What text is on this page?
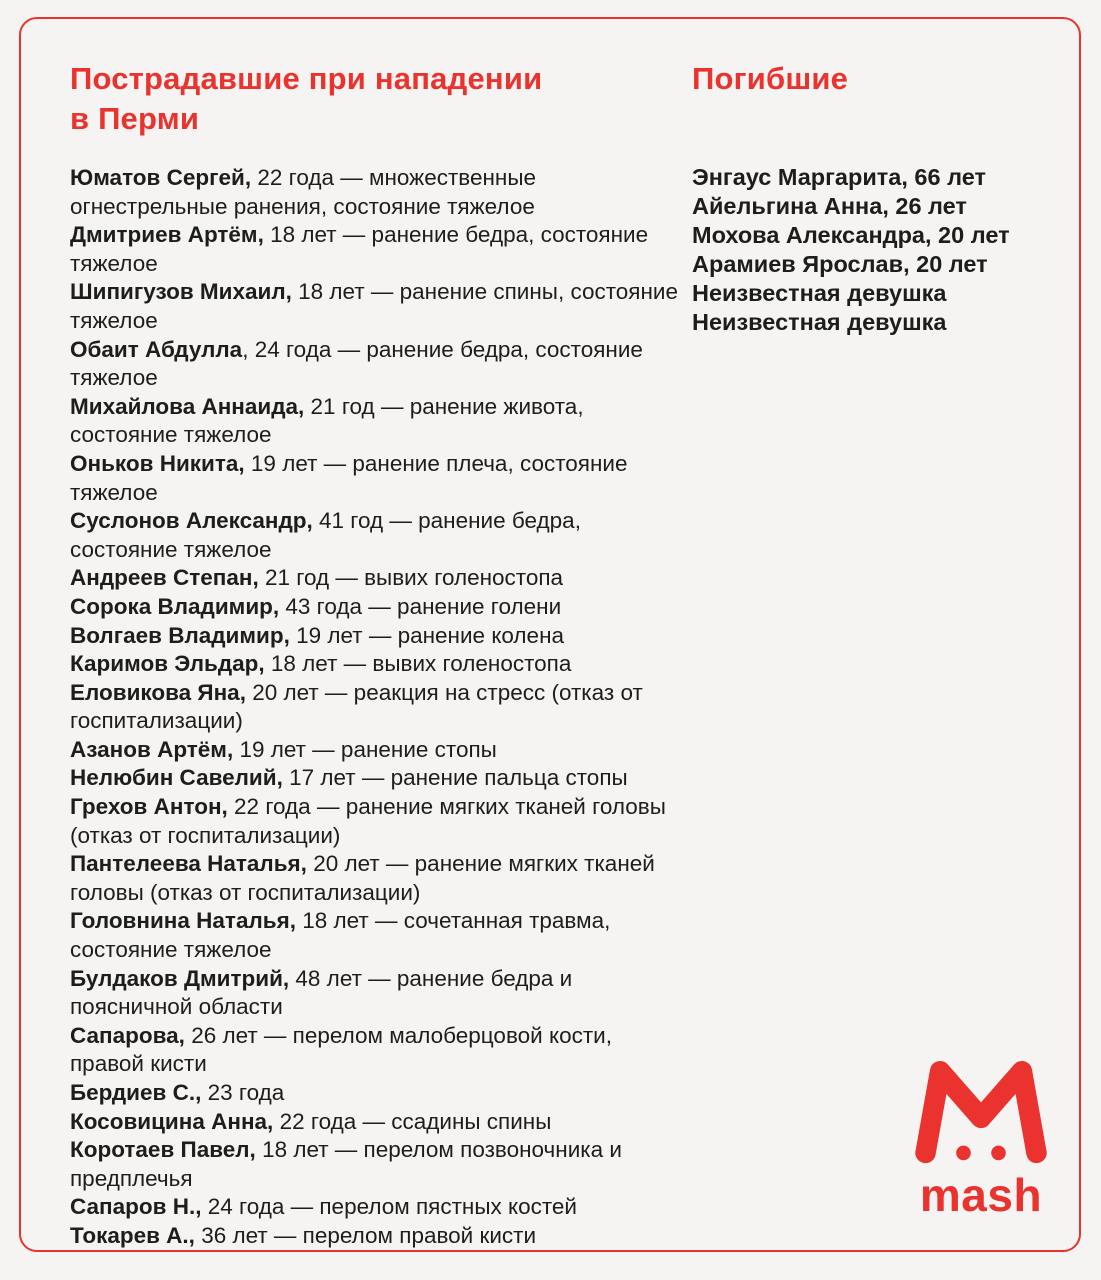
Пострадавшие при нападении
в Перми

Юматов Сергей, 22 года — множественные огнестрельные ранения, состояние тяжелое

Дмитриев Артём, 18 лет — ранение бедра, состояние тяжелое

Шипигузов Михаил, 18 лет — ранение спины, состояние тяжелое

Обаит Абдулла, 24 года — ранение бедра, состояние тяжелое

Михайлова Аннаида, 21 год — ранение живота, состояние тяжелое

Оньков Никита, 19 лет — ранение плеча, состояние тяжелое

Суслонов Александр, 41 год — ранение бедра, состояние тяжелое

Андреев Степан, 21 год — вывих голеностопа

Сорока Владимир, 43 года — ранение голени

Волгаев Владимир, 19 лет — ранение колена

Каримов Эльдар, 18 лет — вывих голеностопа

Еловикова Яна, 20 лет — реакция на стресс (отказ от госпитализации)

Азанов Артём, 19 лет — ранение стопы

Нелюбин Савелий, 17 лет — ранение пальца стопы

Грехов Антон, 22 года — ранение мягких тканей головы (отказ от госпитализации)

Пантелеева Наталья, 20 лет — ранение мягких тканей головы (отказ от госпитализации)

Головнина Наталья, 18 лет — сочетанная травма, состояние тяжелое

Булдаков Дмитрий, 48 лет — ранение бедра и поясничной области

Сапарова, 26 лет — перелом малоберцовой кости, правой кисти

Бердиев С., 23 года

Косовицина Анна, 22 года — ссадины спины

Коротаев Павел, 18 лет — перелом позвоночника и предплечья

Сапаров Н., 24 года — перелом пястных костей

Токарев А., 36 лет — перелом правой кисти

Погибшие

Энгаус Маргарита, 66 лет

Айельгина Анна, 26 лет

Мохова Александра, 20 лет

Арамиев Ярослав, 20 лет

Неизвестная девушка

Неизвестная девушка

mash
